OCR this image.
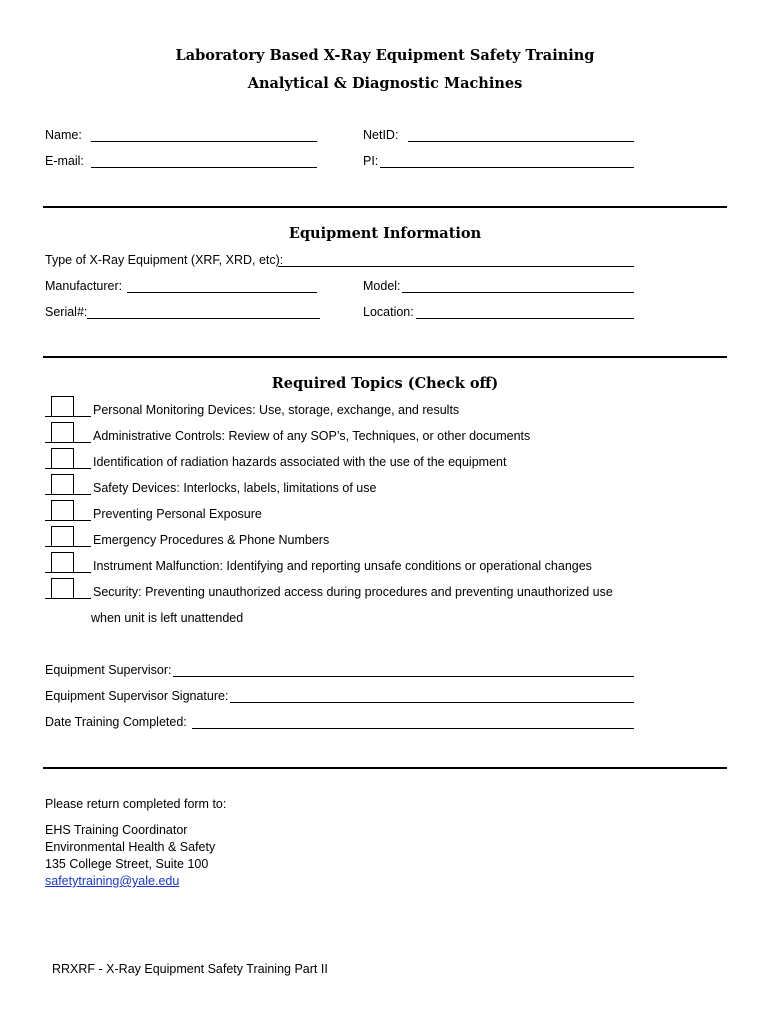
Laboratory Based X-Ray Equipment Safety Training
Analytical & Diagnostic Machines
Name:	NetID:
E-mail:	PI:
Equipment Information
Type of X-Ray Equipment (XRF, XRD, etc):
Manufacturer:	Model:
Serial#:	Location:
Required Topics (Check off)
Personal Monitoring Devices: Use, storage, exchange, and results
Administrative Controls: Review of any SOP’s, Techniques, or other documents
Identification of radiation hazards associated with the use of the equipment
Safety Devices: Interlocks, labels, limitations of use
Preventing Personal Exposure
Emergency Procedures & Phone Numbers
Instrument Malfunction: Identifying and reporting unsafe conditions or operational changes
Security: Preventing unauthorized access during procedures and preventing unauthorized use
when unit is left unattended
Equipment Supervisor:
Equipment Supervisor Signature:
Date Training Completed:
Please return completed form to:
EHS Training Coordinator
Environmental Health & Safety
135 College Street, Suite 100
safetytraining@yale.edu
RRXRF - X-Ray Equipment Safety Training Part II
